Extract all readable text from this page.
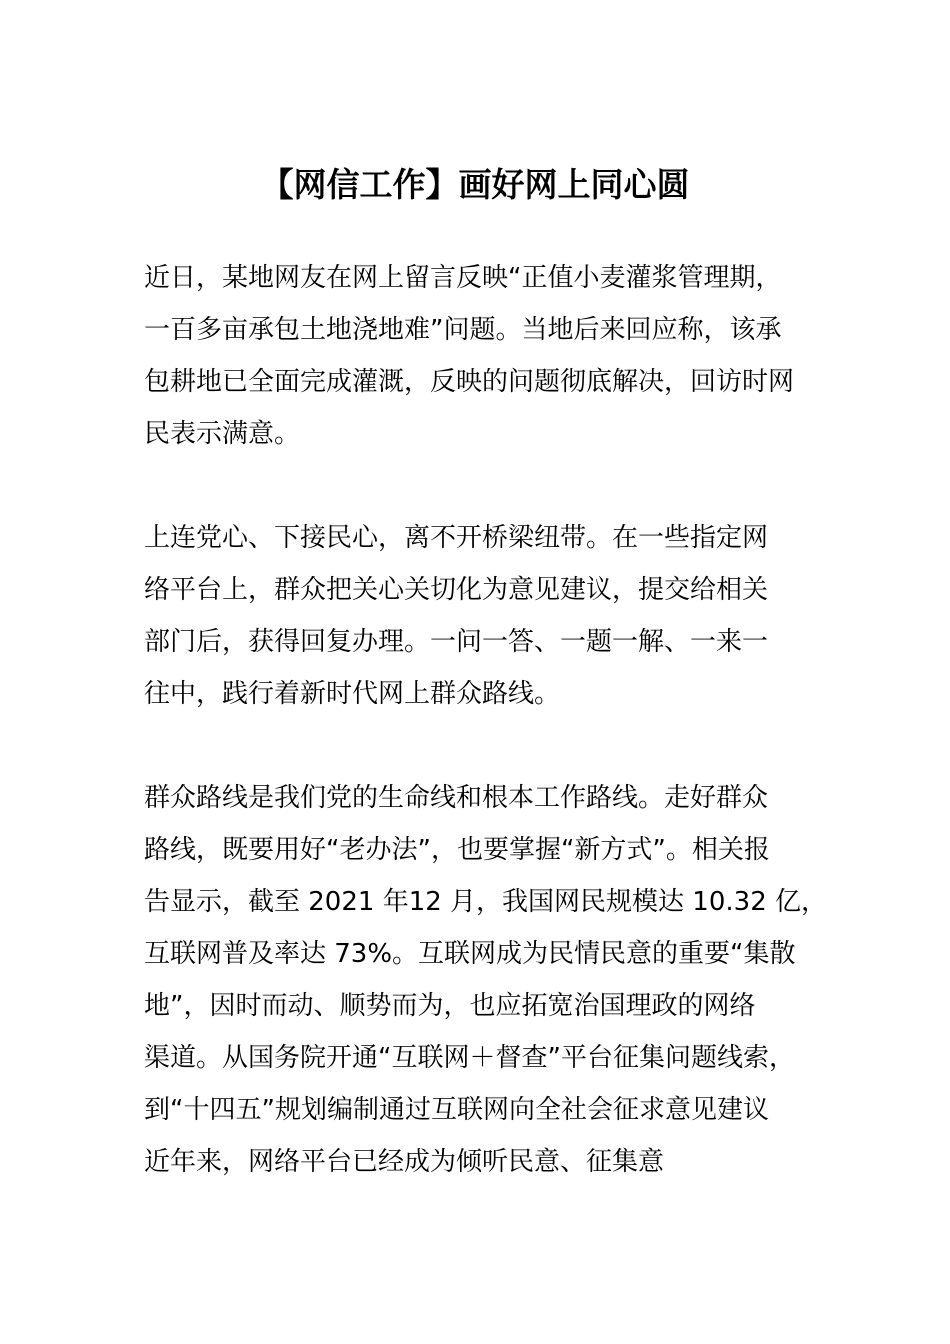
【网信工作】画好网上同心圆
近日，某地网友在网上留言反映“正值小麦灌浆管理期，
一百多亩承包土地浇地难”问题。当地后来回应称，该承
包耕地已全面完成灌溉，反映的问题彻底解决，回访时网
民表示满意。
上连党心、下接民心，离不开桥梁纽带。在一些指定网
络平台上，群众把关心关切化为意见建议，提交给相关
部门后，获得回复办理。一问一答、一题一解、一来一
往中，践行着新时代网上群众路线。
群众路线是我们党的生命线和根本工作路线。走好群众
路线，既要用好“老办法”，也要掌握“新方式”。相关报
告显示，截至 2021 年12 月，我国网民规模达 10.32 亿，
互联网普及率达 73%。互联网成为民情民意的重要“集散
地”，因时而动、顺势而为，也应拓宽治国理政的网络
渠道。从国务院开通“互联网＋督查”平台征集问题线索，
到“十四五”规划编制通过互联网向全社会征求意见建议
近年来，网络平台已经成为倾听民意、征集意
